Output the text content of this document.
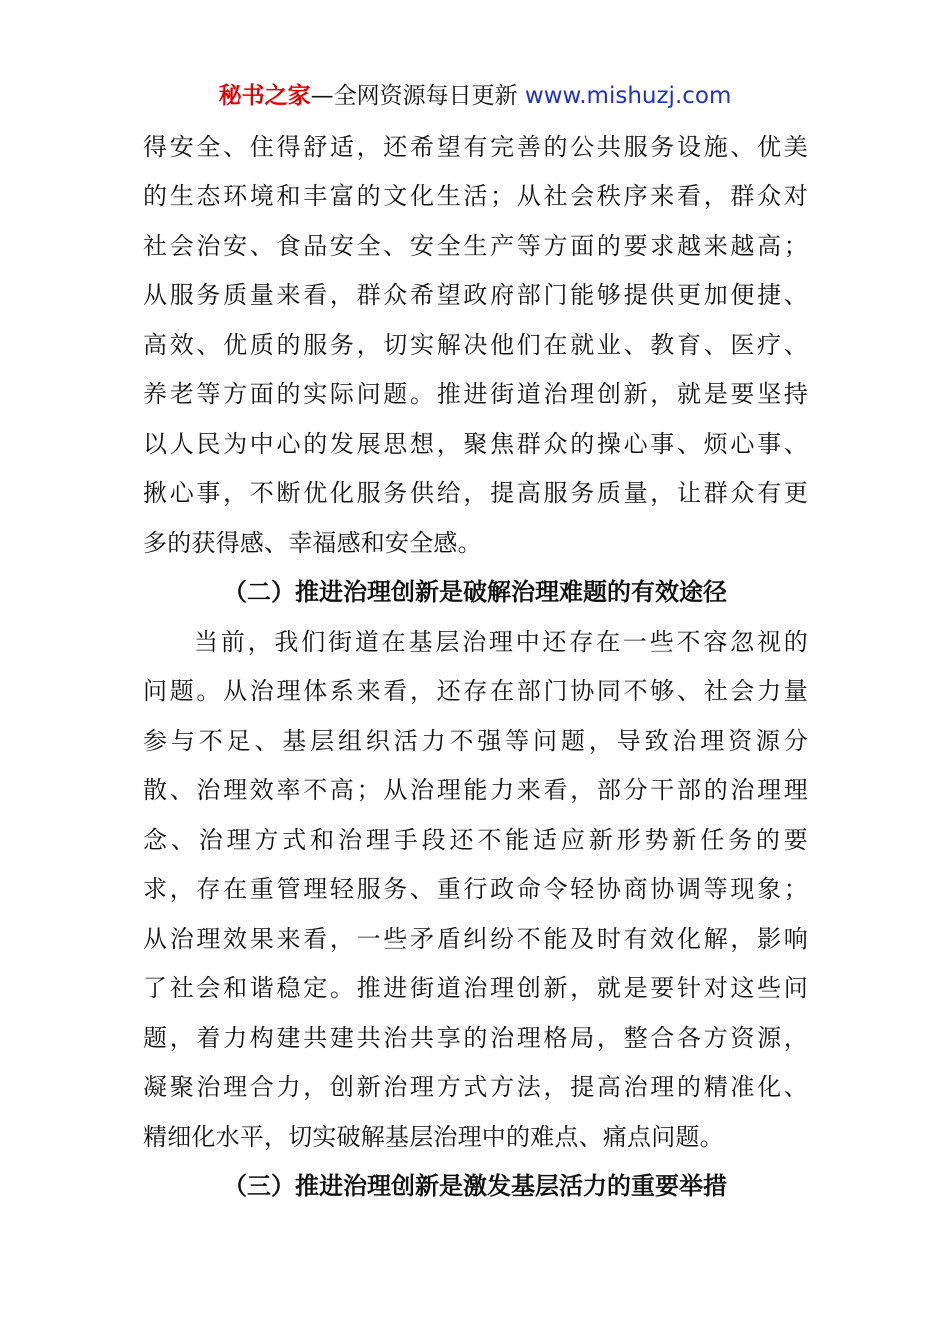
秘书之家—全网资源每日更新 www.mishuzj.com
得安全、住得舒适，还希望有完善的公共服务设施、优美
的生态环境和丰富的文化生活；从社会秩序来看，群众对
社会治安、食品安全、安全生产等方面的要求越来越高；
从服务质量来看，群众希望政府部门能够提供更加便捷、
高效、优质的服务，切实解决他们在就业、教育、医疗、
养老等方面的实际问题。推进街道治理创新，就是要坚持
以人民为中心的发展思想，聚焦群众的操心事、烦心事、
揪心事，不断优化服务供给，提高服务质量，让群众有更
多的获得感、幸福感和安全感。
（二）推进治理创新是破解治理难题的有效途径
当前，我们街道在基层治理中还存在一些不容忽视的
问题。从治理体系来看，还存在部门协同不够、社会力量
参与不足、基层组织活力不强等问题，导致治理资源分
散、治理效率不高；从治理能力来看，部分干部的治理理
念、治理方式和治理手段还不能适应新形势新任务的要
求，存在重管理轻服务、重行政命令轻协商协调等现象；
从治理效果来看，一些矛盾纠纷不能及时有效化解，影响
了社会和谐稳定。推进街道治理创新，就是要针对这些问
题，着力构建共建共治共享的治理格局，整合各方资源，
凝聚治理合力，创新治理方式方法，提高治理的精准化、
精细化水平，切实破解基层治理中的难点、痛点问题。
（三）推进治理创新是激发基层活力的重要举措
